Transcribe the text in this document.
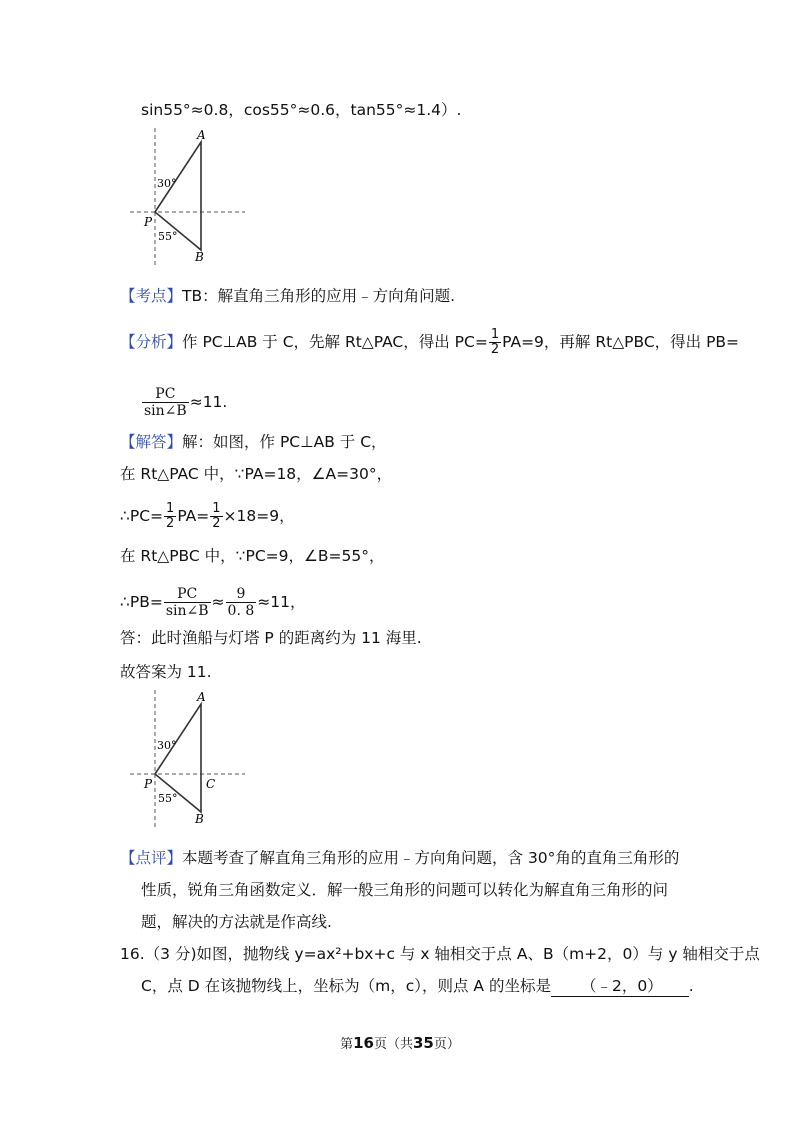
sin55°≈0.8，cos55°≈0.6，tan55°≈1.4）.
A
B
P
30°
55°
【考点】TB：解直角三角形的应用﹣方向角问题.
【分析】作 PC⊥AB 于 C，先解 Rt△PAC，得出 $PC= \frac{1}{2} PA=9$，再解 Rt△PBC，得出 PB=
$\frac{PC}{\sin\angle B} \approx 11$.
【解答】解：如图，作 PC⊥AB 于 C，
在 Rt△PAC 中，∵PA=18，∠A=30°，
∴PC= $\frac{1}{2} PA= \frac{1}{2} \times 18=9$，
在 Rt△PBC 中，∵PC=9，∠B=55°，
∴PB= $\frac{PC}{\sin\angle B} \approx \frac{9}{0. 8} \approx 11$，
答：此时渔船与灯塔 P 的距离约为 11 海里.
故答案为 11.
A
B
C
P
30°
55°
【点评】本题考查了解直角三角形的应用﹣方向角问题，含 30°角的直角三角形的
性质，锐角三角函数定义．解一般三角形的问题可以转化为解直角三角形的问
题，解决的方法就是作高线.
16.（3 分)如图，抛物线 y=ax²+bx+c 与 x 轴相交于点 A、B（m+2，0）与 y 轴相交于点
C，点 D 在该抛物线上，坐标为（m，c），则点 A 的坐标是 （﹣2，0） .
第16页（共35页）
